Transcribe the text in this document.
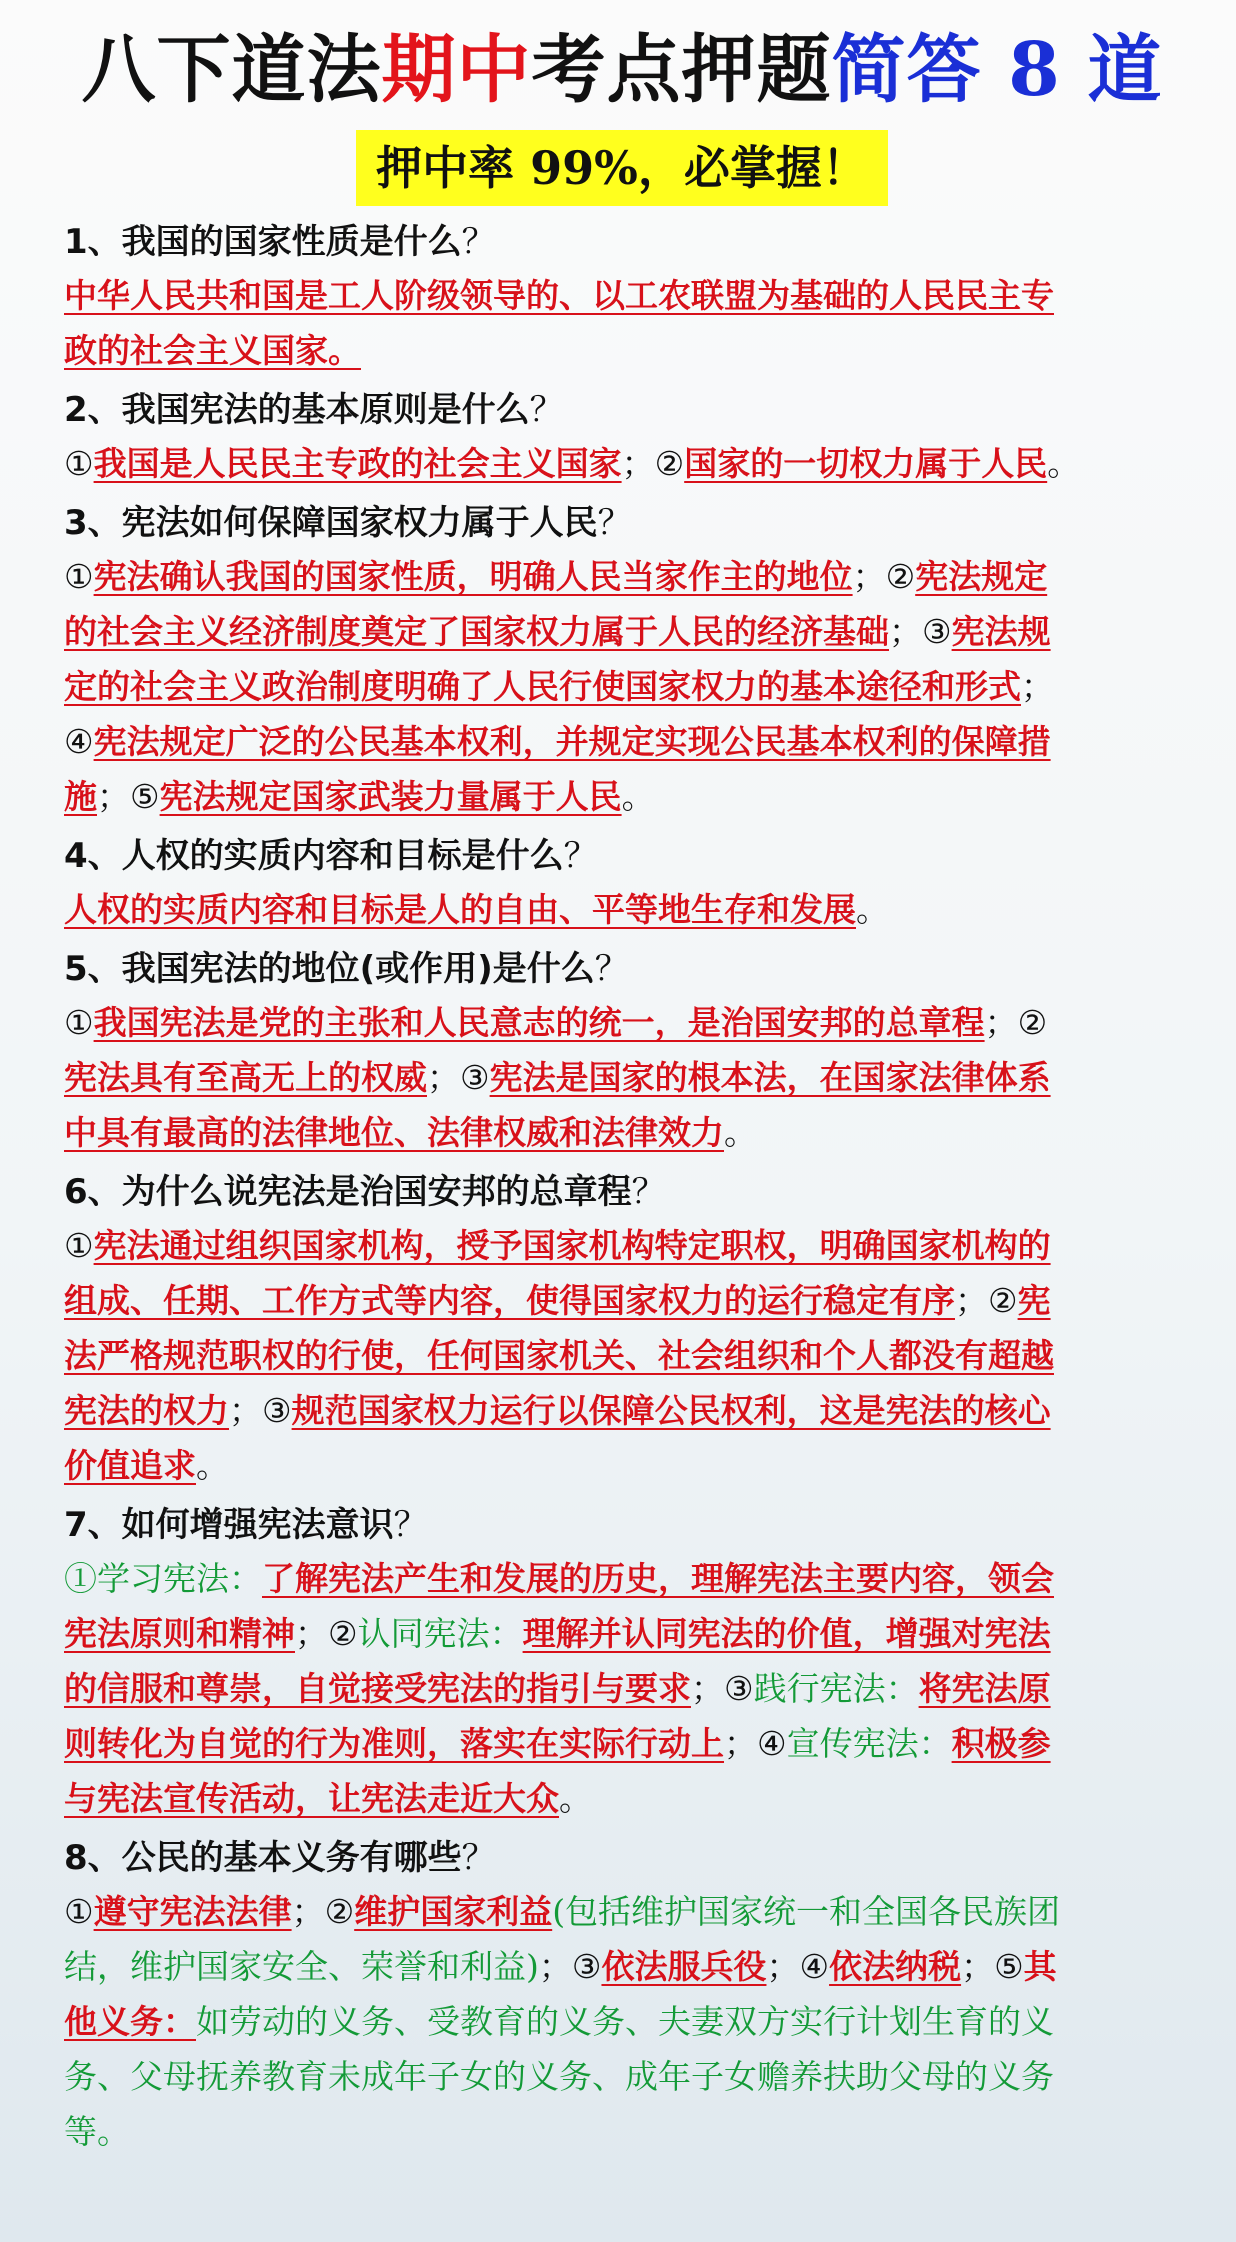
八下道法期中考点押题简答 8 道
押中率 99%，必掌握！
1、我国的国家性质是什么？
中华人民共和国是工人阶级领导的、以工农联盟为基础的人民民主专
政的社会主义国家。
2、我国宪法的基本原则是什么？
①我国是人民民主专政的社会主义国家；②国家的一切权力属于人民。
3、宪法如何保障国家权力属于人民？
①宪法确认我国的国家性质，明确人民当家作主的地位；②宪法规定
的社会主义经济制度奠定了国家权力属于人民的经济基础；③宪法规
定的社会主义政治制度明确了人民行使国家权力的基本途径和形式；
④宪法规定广泛的公民基本权利，并规定实现公民基本权利的保障措
施；⑤宪法规定国家武装力量属于人民。
4、人权的实质内容和目标是什么？
人权的实质内容和目标是人的自由、平等地生存和发展。
5、我国宪法的地位(或作用)是什么？
①我国宪法是党的主张和人民意志的统一，是治国安邦的总章程；②
宪法具有至高无上的权威；③宪法是国家的根本法，在国家法律体系
中具有最高的法律地位、法律权威和法律效力。
6、为什么说宪法是治国安邦的总章程？
①宪法通过组织国家机构，授予国家机构特定职权，明确国家机构的
组成、任期、工作方式等内容，使得国家权力的运行稳定有序；②宪
法严格规范职权的行使，任何国家机关、社会组织和个人都没有超越
宪法的权力；③规范国家权力运行以保障公民权利，这是宪法的核心
价值追求。
7、如何增强宪法意识？
①学习宪法：了解宪法产生和发展的历史，理解宪法主要内容，领会
宪法原则和精神；②认同宪法：理解并认同宪法的价值，增强对宪法
的信服和尊崇，自觉接受宪法的指引与要求；③践行宪法：将宪法原
则转化为自觉的行为准则，落实在实际行动上；④宣传宪法：积极参
与宪法宣传活动，让宪法走近大众。
8、公民的基本义务有哪些？
①遵守宪法法律；②维护国家利益(包括维护国家统一和全国各民族团
结，维护国家安全、荣誉和利益)；③依法服兵役；④依法纳税；⑤其
他义务：如劳动的义务、受教育的义务、夫妻双方实行计划生育的义
务、父母抚养教育未成年子女的义务、成年子女赡养扶助父母的义务
等。
